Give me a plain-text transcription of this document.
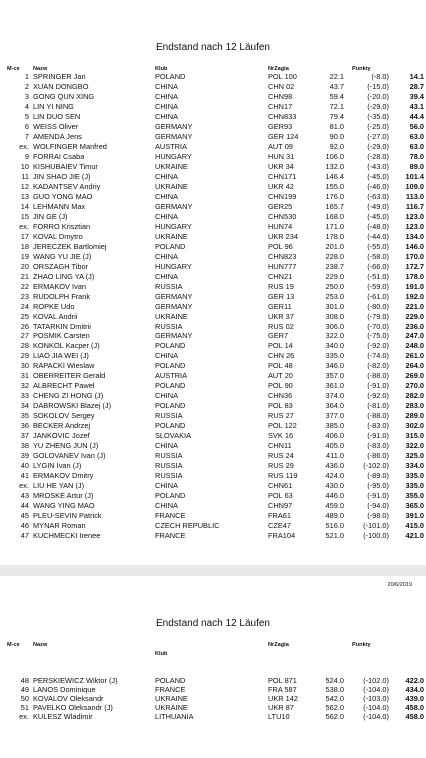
Endstand nach 12 Läufen
M-ce Nazw	Klub	NrZagla	Punkty
1 SPRINGER Jan	POLAND	POL 100	22.1	(-8.0)	14.1
2 XUAN DONGBO	CHINA	CHN 02	43.7	(-15.0)	28.7
3 GONG QUN XING	CHINA	CHN98	59.4	(-20.0)	39.4
4 LIN YI NING	CHINA	CHN17	72.1	(-29.0)	43.1
5 LIN DUO SEN	CHINA	CHN833	79.4	(-35.0)	44.4
6 WEISS Oliver	GERMANY	GER93	81.0	(-25.0)	56.0
7 AMENDA Jens	GERMANY	GER 124	90.0	(-27.0)	63.0
ex. WOLFINGER Manfred	AUSTRIA	AUT 09	92.0	(-29.0)	63.0
9 FORRAI Csaba	HUNGARY	HUN 31	106.0	(-28.0)	78.0
10 KISHUBAIEV Timur	UKRAINE	UKR 34	132.0	(-43.0)	89.0
11 JIN SHAO JIE (J)	CHINA	CHN171	146.4	(-45.0) 101.4
12 KADANTSEV Andriy	UKRAINE	UKR 42	155.0	(-46.0) 109.0
13 GUO YONG MAO	CHINA	CHN199	176.0	(-63.0) 113.0
14 LEHMANN Max	GERMANY	GER25	165.7	(-49.0) 116.7
15 JIN GE (J)	CHINA	CHN530	168.0	(-45.0) 123.0
ex. FORRO Krisztian	HUNGARY	HUN74	171.0	(-48.0) 123.0
17 KOVAL Dmytro	UKRAINE	UKR 234	178.0	(-44.0) 134.0
18 JERECZEK Bartlomiej	POLAND	POL 96	201.0	(-55.0) 146.0
19 WANG YU JIE (J)	CHINA	CHN823	228.0	(-58.0) 170.0
20 ORSZAGH Tibor	HUNGARY	HUN777	238.7	(-66.0) 172.7
21 ZHAO LING YA (J)	CHINA	CHN21	229.0	(-51.0) 178.0
22 ERMAKOV Ivan	RUSSIA	RUS 19	250.0	(-59.0) 191.0
23 RUDOLPH Frank	GERMANY	GER 13	253.0	(-61.0) 192.0
24 ROPKE Udo	GERMANY	GER11	301.0	(-80.0) 221.0
25 KOVAL Andrii	UKRAINE	UKR 37	308.0	(-79.0) 229.0
26 TATARKIN Dmitrii	RUSSIA	RUS 02	306.0	(-70.0) 236.0
27 POSMIK Carsten	GERMANY	GER7	322.0	(-75.0) 247.0
28 KONKOL Kacper (J)	POLAND	POL 14	340.0	(-92.0) 248.0
29 LIAO JIA WEI (J)	CHINA	CHN 26	335.0	(-74.0) 261.0
30 RAPACKI Wieslaw	POLAND	POL 48	346.0	(-82.0) 264.0
31 OBERREITER Gerald	AUSTRIA	AUT 20	357.0	(-88.0) 269.0
32 ALBRECHT Pawel	POLAND	POL 90	361.0	(-91.0) 270.0
33 CHENG ZI HONG (J)	CHINA	CHN36	374.0	(-92.0) 282.0
34 DABROWSKI Blazej (J)	POLAND	POL 83	364.0	(-81.0) 283.0
35 SOKOLOV Sergey	RUSSIA	RUS 27	377.0	(-88.0) 289.0
36 BECKER Andrzej	POLAND	POL 122	385.0	(-83.0) 302.0
37 JANKOVIC Jozef	SLOVAKIA	SVK 16	406.0	(-91.0) 315.0
38 YU ZHENG JUN (J)	CHINA	CHN11	405.0	(-83.0) 322.0
39 GOLOVANEV Ivan (J)	RUSSIA	RUS 24	411.0	(-86.0) 325.0
40 LYGIN Ivan (J)	RUSSIA	RUS 29	436.0	(-102.0) 334.0
41 ERMAKOV Dmitry	RUSSIA	RUS 119	424.0	(-89.0) 335.0
ex. LIU HE YAN (J)	CHINA	CHN61	430.0	(-95.0) 335.0
43 MROSKE Artur (J)	POLAND	POL 63	446.0	(-91.0) 355.0
44 WANG YING MAO	CHINA	CHN97	459.0	(-94.0) 365.0
45 PLEU-SEVIN Patrick	FRANCE	FRA61	489.0	(-98.0) 391.0
46 MYNAR Roman	CZECH REPUBLIC	CZE47	516.0	(-101.0) 415.0
47 KUCHMECKI Irenee	FRANCE	FRA104	521.0	(-100.0) 421.0
20/6/2019
Endstand nach 12 Läufen
M-ce Nazw
Klub
NrZagla	Punkty
48 PERSKIEWICZ Wiktor (J)	POLAND	POL 871	524.0	(-102.0) 422.0
49 LANOS Dominique	FRANCE	FRA 587	538.0	(-104.0) 434.0
50 KOVALOV Oleksandr	UKRAINE	UKR 142	542.0	(-103.0) 439.0
51 PAVELKO Oleksandr (J)	UKRAINE	UKR 87	562.0	(-104.0) 458.0
ex. KULESZ Wladimir	LITHUANIA	LTU10	562.0	(-104.0) 458.0
